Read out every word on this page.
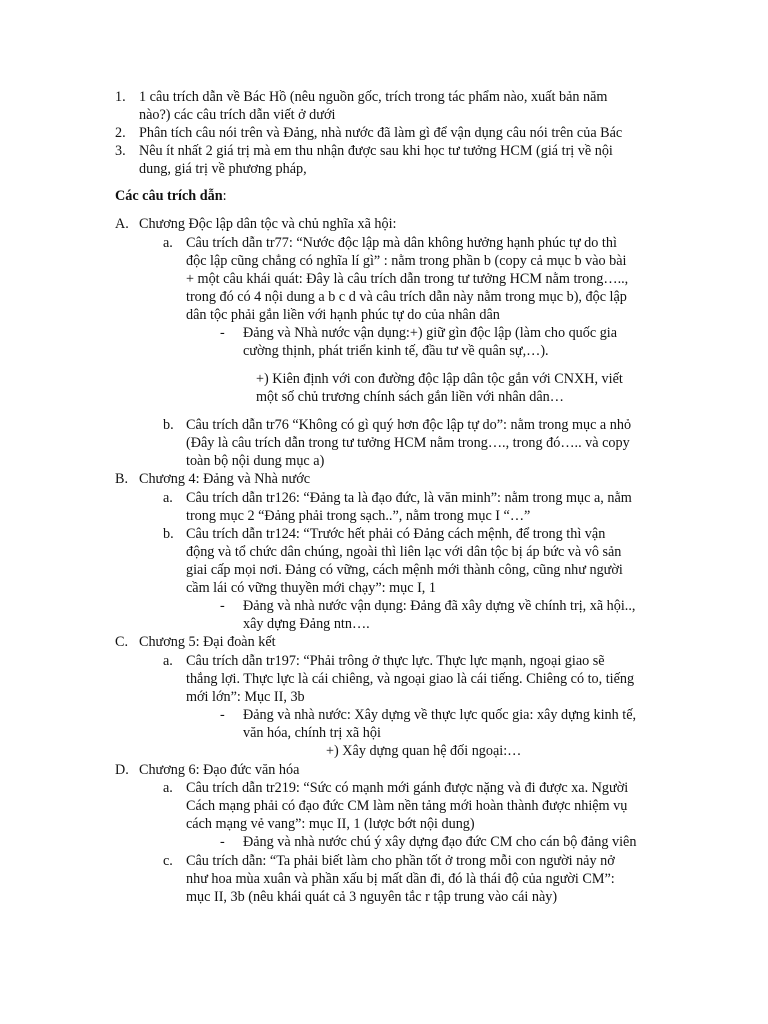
1. 1 câu trích dẫn về Bác Hồ (nêu nguồn gốc, trích trong tác phẩm nào, xuất bản năm
nào?) các câu trích dẫn viết ở dưới
2. Phân tích câu nói trên và Đảng, nhà nước đã làm gì để vận dụng câu nói trên của Bác
3. Nêu ít nhất 2 giá trị mà em thu nhận được sau khi học tư tưởng HCM (giá trị về nội
dung, giá trị về phương pháp,
Các câu trích dẫn:
A. Chương Độc lập dân tộc và chủ nghĩa xã hội:
a. Câu trích dẫn tr77: “Nước độc lập mà dân không hưởng hạnh phúc tự do thì
độc lập cũng chẳng có nghĩa lí gì” : nằm trong phần b (copy cả mục b vào bài
+ một câu khái quát: Đây là câu trích dẫn trong tư tưởng HCM nằm trong…..,
trong đó có 4 nội dung a b c d và câu trích dẫn này nằm trong mục b), độc lập
dân tộc phải gắn liền với hạnh phúc tự do của nhân dân
- Đảng và Nhà nước vận dụng:+) giữ gìn độc lập (làm cho quốc gia
cường thịnh, phát triển kinh tế, đầu tư về quân sự,…).
+) Kiên định với con đường độc lập dân tộc gắn với CNXH, viết
một số chủ trương chính sách gắn liền với nhân dân…
b. Câu trích dẫn tr76 “Không có gì quý hơn độc lập tự do”: nằm trong mục a nhỏ
(Đây là câu trích dẫn trong tư tưởng HCM nằm trong…., trong đó….. và copy
toàn bộ nội dung mục a)
B. Chương 4: Đảng và Nhà nước
a. Câu trích dẫn tr126: “Đảng ta là đạo đức, là văn minh”: nằm trong mục a, nằm
trong mục 2 “Đảng phải trong sạch..”, nằm trong mục I “…”
b. Câu trích dẫn tr124: “Trước hết phải có Đảng cách mệnh, để trong thì vận
động và tổ chức dân chúng, ngoài thì liên lạc với dân tộc bị áp bức và vô sản
giai cấp mọi nơi. Đảng có vững, cách mệnh mới thành công, cũng như người
cầm lái có vững thuyền mới chạy”: mục I, 1
- Đảng và nhà nước vận dụng: Đảng đã xây dựng về chính trị, xã hội..,
xây dựng Đảng ntn….
C. Chương 5: Đại đoàn kết
a. Câu trích dẫn tr197: “Phải trông ở thực lực. Thực lực mạnh, ngoại giao sẽ
thắng lợi. Thực lực là cái chiêng, và ngoại giao là cái tiếng. Chiêng có to, tiếng
mới lớn”: Mục II, 3b
- Đảng và nhà nước: Xây dựng về thực lực quốc gia: xây dựng kinh tế,
văn hóa, chính trị xã hội
+) Xây dựng quan hệ đối ngoại:…
D. Chương 6: Đạo đức văn hóa
a. Câu trích dẫn tr219: “Sức có mạnh mới gánh được nặng và đi được xa. Người
Cách mạng phải có đạo đức CM làm nền tảng mới hoàn thành được nhiệm vụ
cách mạng vẻ vang”: mục II, 1 (lược bớt nội dung)
- Đảng và nhà nước chú ý xây dựng đạo đức CM cho cán bộ đảng viên
c. Câu trích dẫn: “Ta phải biết làm cho phần tốt ở trong mỗi con người nảy nở
như hoa mùa xuân và phần xấu bị mất dần đi, đó là thái độ của người CM”:
mục II, 3b (nêu khái quát cả 3 nguyên tắc r tập trung vào cái này)
